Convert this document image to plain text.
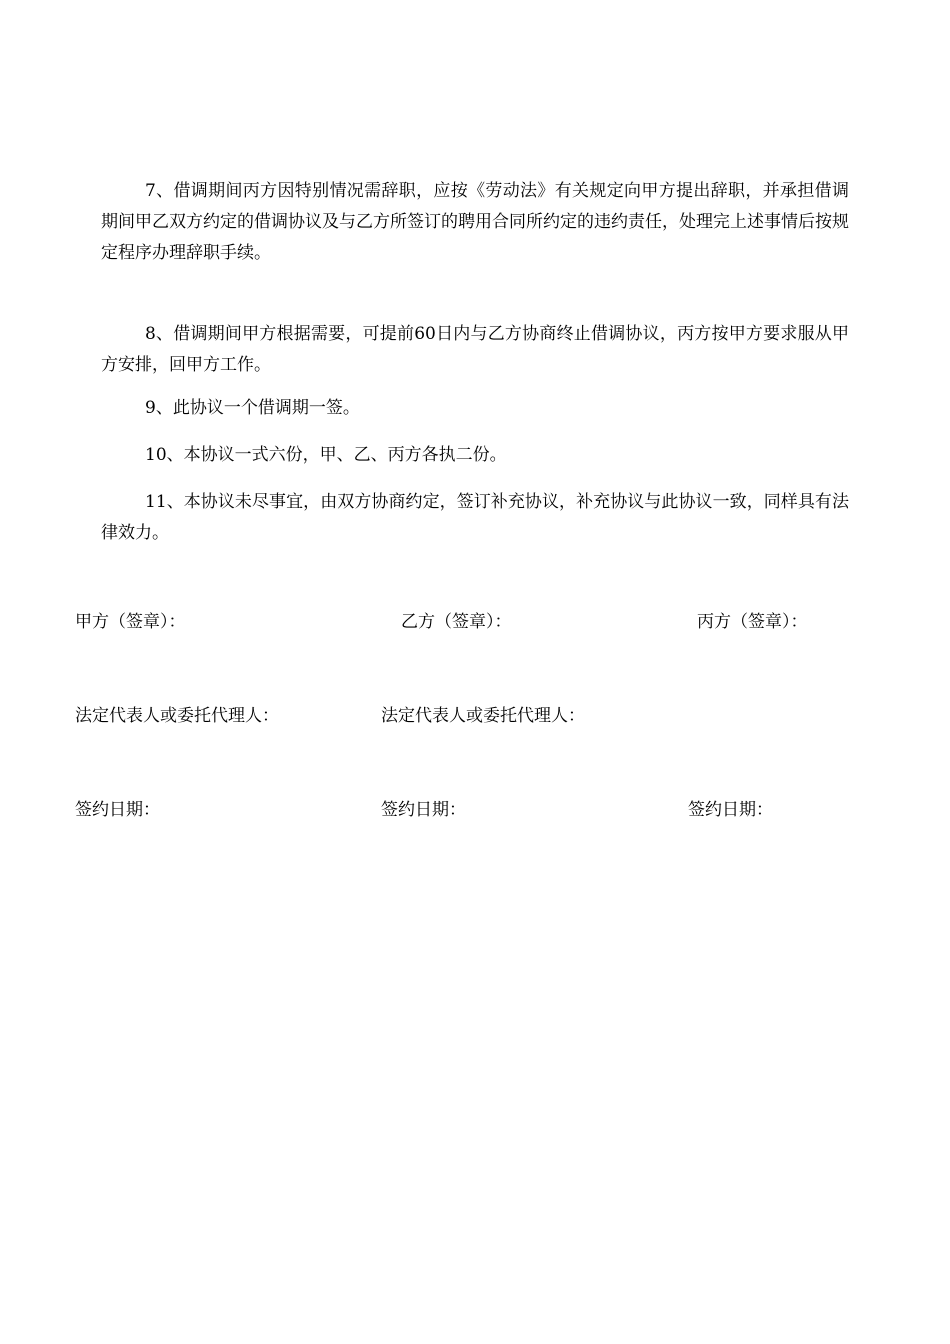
7、借调期间丙方因特别情况需辞职，应按《劳动法》有关规定向甲方提出辞职，并承担借调期间甲乙双方约定的借调协议及与乙方所签订的聘用合同所约定的违约责任，处理完上述事情后按规定程序办理辞职手续。

8、借调期间甲方根据需要，可提前60日内与乙方协商终止借调协议，丙方按甲方要求服从甲方安排，回甲方工作。

9、此协议一个借调期一签。

10、本协议一式六份，甲、乙、丙方各执二份。

11、本协议未尽事宜，由双方协商约定，签订补充协议，补充协议与此协议一致，同样具有法律效力。

甲方（签章）：	乙方（签章）：	丙方（签章）：
法定代表人或委托代理人：	法定代表人或委托代理人：
签约日期：	签约日期：	签约日期：
